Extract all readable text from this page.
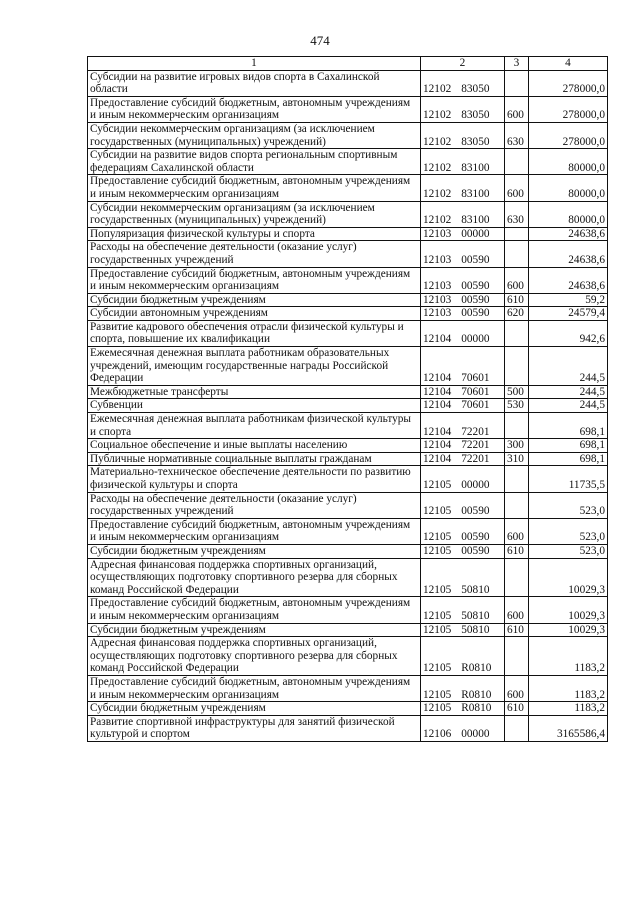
474
1	2	3	4
Субсидии на развитие игровых видов спорта в Сахалинской области	12102 83050		278000,0
Предоставление субсидий бюджетным, автономным учреждениям и иным некоммерческим организациям	12102 83050	600	278000,0
Субсидии некоммерческим организациям (за исключением государственных (муниципальных) учреждений)	12102 83050	630	278000,0
Субсидии на развитие видов спорта региональным спортивным федерациям Сахалинской области	12102 83100		80000,0
Предоставление субсидий бюджетным, автономным учреждениям и иным некоммерческим организациям	12102 83100	600	80000,0
Субсидии некоммерческим организациям (за исключением государственных (муниципальных) учреждений)	12102 83100	630	80000,0
Популяризация физической культуры и спорта	12103 00000		24638,6
Расходы на обеспечение деятельности (оказание услуг) государственных учреждений	12103 00590		24638,6
Предоставление субсидий бюджетным, автономным учреждениям и иным некоммерческим организациям	12103 00590	600	24638,6
Субсидии бюджетным учреждениям	12103 00590	610	59,2
Субсидии автономным учреждениям	12103 00590	620	24579,4
Развитие кадрового обеспечения отрасли физической культуры и спорта, повышение их квалификации	12104 00000		942,6
Ежемесячная денежная выплата работникам образовательных учреждений, имеющим государственные награды Российской Федерации	12104 70601		244,5
Межбюджетные трансферты	12104 70601	500	244,5
Субвенции	12104 70601	530	244,5
Ежемесячная денежная выплата работникам физической культуры и спорта	12104 72201		698,1
Социальное обеспечение и иные выплаты населению	12104 72201	300	698,1
Публичные нормативные социальные выплаты гражданам	12104 72201	310	698,1
Материально-техническое обеспечение деятельности по развитию физической культуры и спорта	12105 00000		11735,5
Расходы на обеспечение деятельности (оказание услуг) государственных учреждений	12105 00590		523,0
Предоставление субсидий бюджетным, автономным учреждениям и иным некоммерческим организациям	12105 00590	600	523,0
Субсидии бюджетным учреждениям	12105 00590	610	523,0
Адресная финансовая поддержка спортивных организаций, осуществляющих подготовку спортивного резерва для сборных команд Российской Федерации	12105 50810		10029,3
Предоставление субсидий бюджетным, автономным учреждениям и иным некоммерческим организациям	12105 50810	600	10029,3
Субсидии бюджетным учреждениям	12105 50810	610	10029,3
Адресная финансовая поддержка спортивных организаций, осуществляющих подготовку спортивного резерва для сборных команд Российской Федерации	12105 R0810		1183,2
Предоставление субсидий бюджетным, автономным учреждениям и иным некоммерческим организациям	12105 R0810	600	1183,2
Субсидии бюджетным учреждениям	12105 R0810	610	1183,2
Развитие спортивной инфраструктуры для занятий физической культурой и спортом	12106 00000		3165586,4
